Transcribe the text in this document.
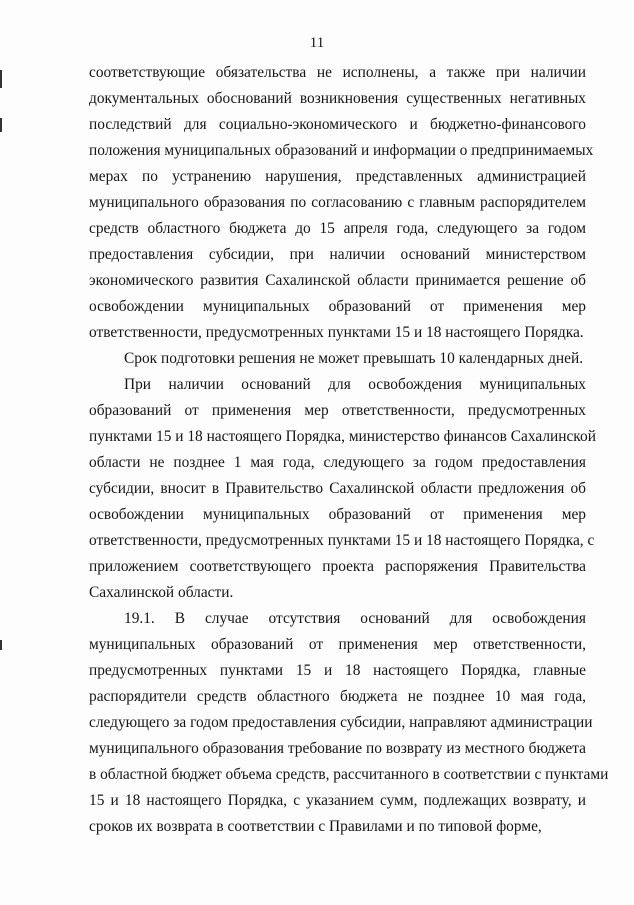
11
соответствующие обязательства не исполнены, а также при наличии
документальных обоснований возникновения существенных негативных
последствий для социально-экономического и бюджетно-финансового
положения муниципальных образований и информации о предпринимаемых
мерах по устранению нарушения, представленных администрацией
муниципального образования по согласованию с главным распорядителем
средств областного бюджета до 15 апреля года, следующего за годом
предоставления субсидии, при наличии оснований министерством
экономического развития Сахалинской области принимается решение об
освобождении муниципальных образований от применения мер
ответственности, предусмотренных пунктами 15 и 18 настоящего Порядка.
Срок подготовки решения не может превышать 10 календарных дней.
При наличии оснований для освобождения муниципальных
образований от применения мер ответственности, предусмотренных
пунктами 15 и 18 настоящего Порядка, министерство финансов Сахалинской
области не позднее 1 мая года, следующего за годом предоставления
субсидии, вносит в Правительство Сахалинской области предложения об
освобождении муниципальных образований от применения мер
ответственности, предусмотренных пунктами 15 и 18 настоящего Порядка, с
приложением соответствующего проекта распоряжения Правительства
Сахалинской области.
19.1. В случае отсутствия оснований для освобождения
муниципальных образований от применения мер ответственности,
предусмотренных пунктами 15 и 18 настоящего Порядка, главные
распорядители средств областного бюджета не позднее 10 мая года,
следующего за годом предоставления субсидии, направляют администрации
муниципального образования требование по возврату из местного бюджета
в областной бюджет объема средств, рассчитанного в соответствии с пунктами
15 и 18 настоящего Порядка, с указанием сумм, подлежащих возврату, и
сроков их возврата в соответствии с Правилами и по типовой форме,
